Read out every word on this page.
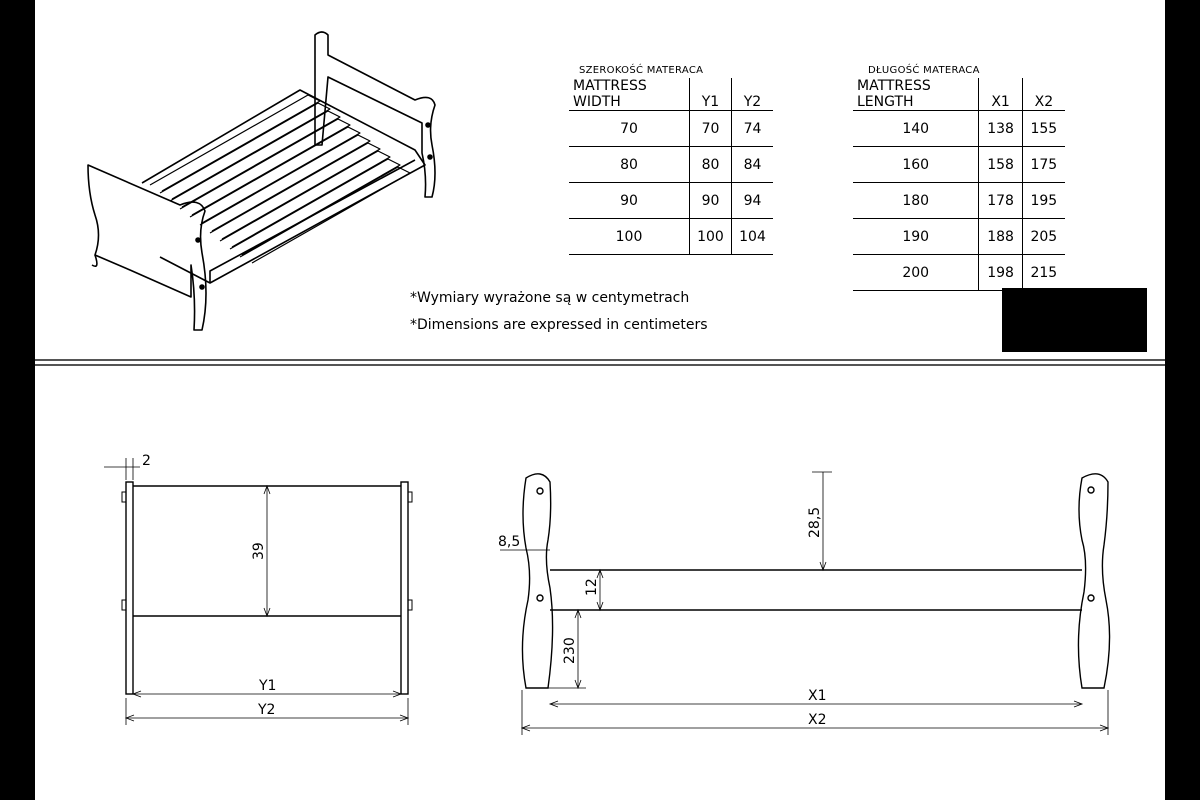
SZEROKOŚĆ MATERACA
MATTRESS WIDTH	Y1	Y2
70	70	74
80	80	84
90	90	94
100	100	104
DŁUGOŚĆ MATERACA
MATTRESS LENGTH	X1	X2
140	138	155
160	158	175
180	178	195
190	188	205
200	198	215
*Wymiary wyrażone są w centymetrach
*Dimensions are expressed in centimeters
2
39
Y1
Y2
8,5
28,5
12
230
X1
X2
